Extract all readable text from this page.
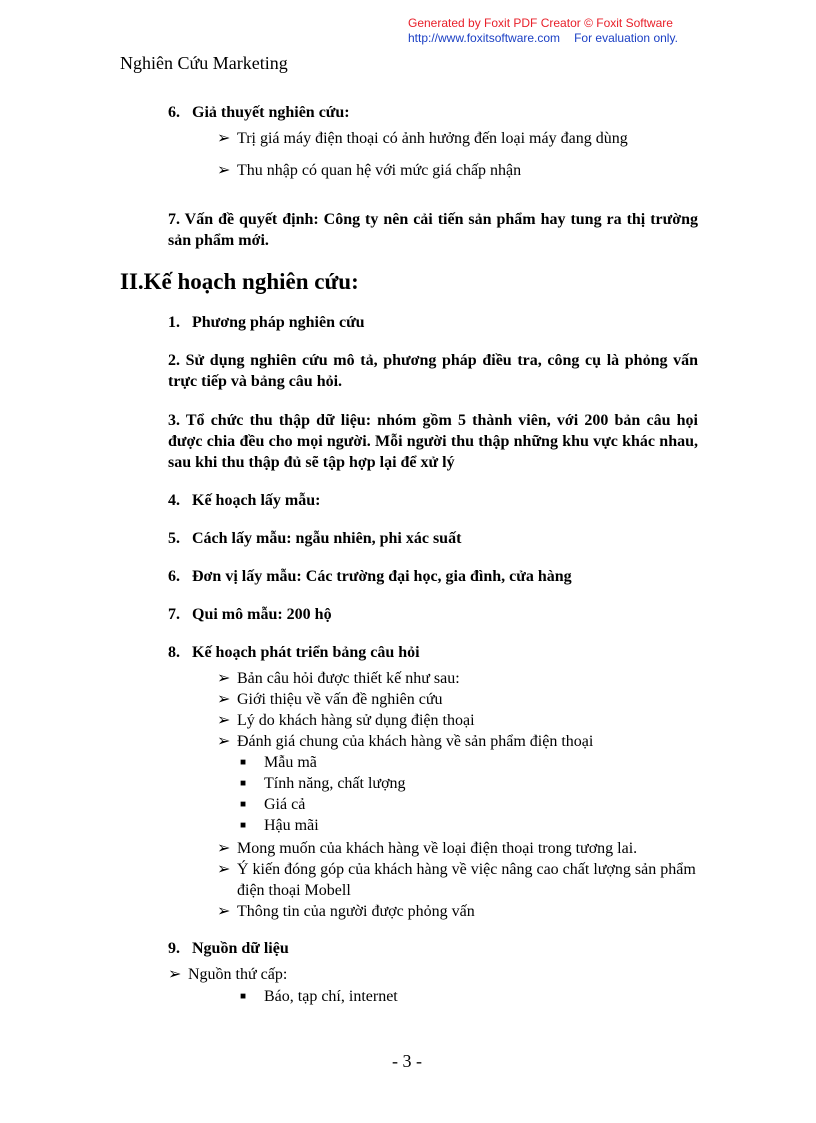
Generated by Foxit PDF Creator © Foxit Software
http://www.foxitsoftware.com For evaluation only.
Nghiên Cứu Marketing
6. Giả thuyết nghiên cứu:
➢ Trị giá máy điện thoại có ảnh hưởng đến loại máy đang dùng
➢ Thu nhập có quan hệ với mức giá chấp nhận
7. Vấn đề quyết định: Công ty nên cải tiến sản phẩm hay tung ra thị trường sản phẩm mới.
II.Kế hoạch nghiên cứu:
1. Phương pháp nghiên cứu
2. Sử dụng nghiên cứu mô tả, phương pháp điều tra, công cụ là phỏng vấn trực tiếp và bảng câu hỏi.
3. Tổ chức thu thập dữ liệu: nhóm gồm 5 thành viên, với 200 bản câu họi được chia đều cho mọi người. Mỗi người thu thập những khu vực khác nhau, sau khi thu thập đủ sẽ tập hợp lại để xử lý
4. Kế hoạch lấy mẫu:
5. Cách lấy mẫu: ngẫu nhiên, phi xác suất
6. Đơn vị lấy mẫu: Các trường đại học, gia đình, cửa hàng
7. Qui mô mẫu: 200 hộ
8. Kế hoạch phát triển bảng câu hỏi
➢ Bản câu hỏi được thiết kế như sau:
➢ Giới thiệu về vấn đề nghiên cứu
➢ Lý do khách hàng sử dụng điện thoại
➢ Đánh giá chung của khách hàng về sản phẩm điện thoại
■ Mẫu mã
■ Tính năng, chất lượng
■ Giá cả
■ Hậu mãi
➢ Mong muốn của khách hàng về loại điện thoại trong tương lai.
➢ Ý kiến đóng góp của khách hàng về việc nâng cao chất lượng sản phẩm điện thoại Mobell
➢ Thông tin của người được phỏng vấn
9. Nguồn dữ liệu
➢ Nguồn thứ cấp:
■ Báo, tạp chí, internet
- 3 -
